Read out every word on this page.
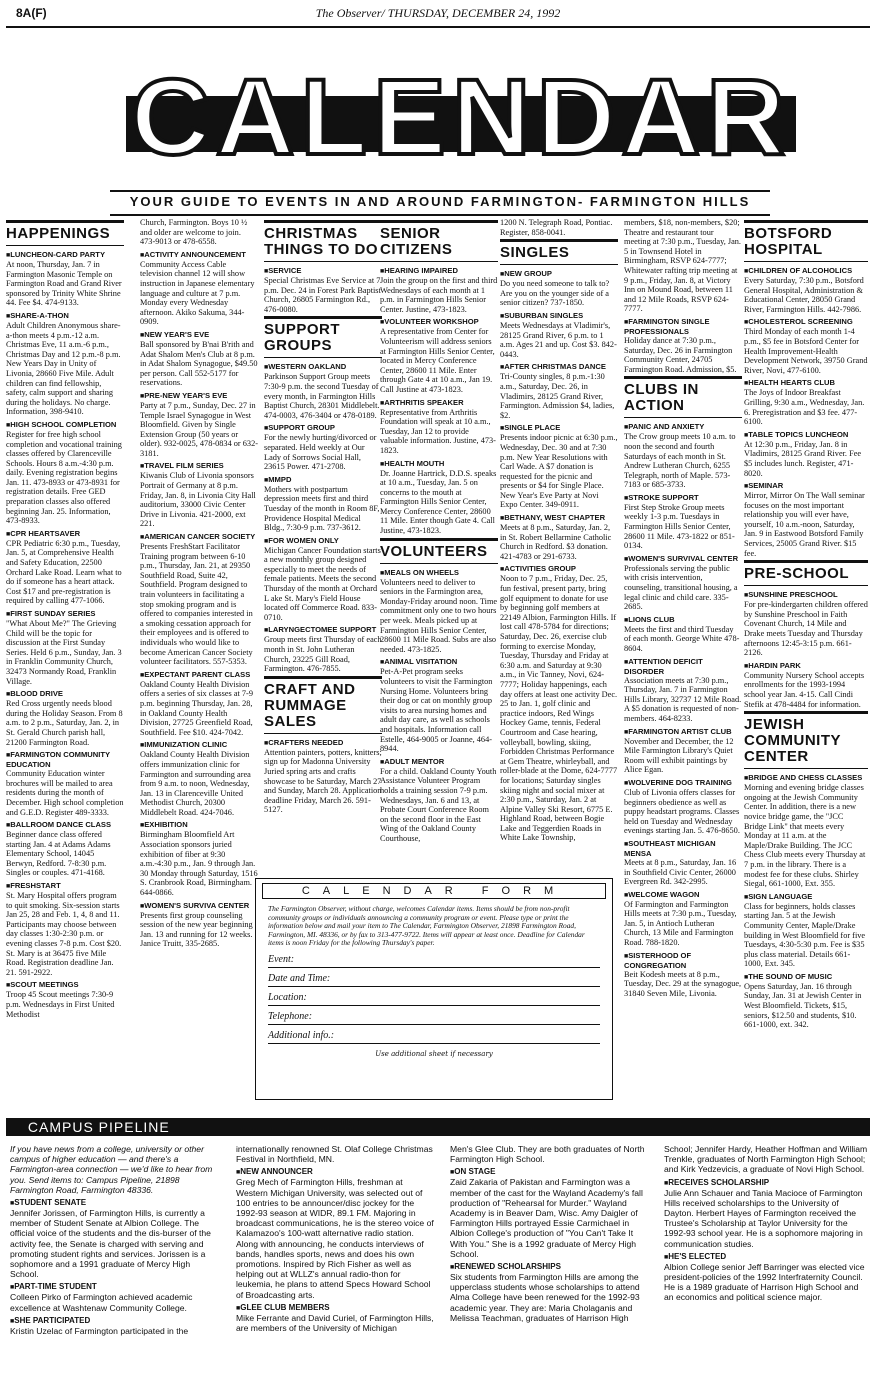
8A(F)	The Observer/ THURSDAY, DECEMBER 24, 1992
CALENDAR
YOUR GUIDE TO EVENTS IN AND AROUND FARMINGTON- FARMINGTON HILLS
HAPPENINGS
■ LUNCHEON-CARD PARTY
At noon, Thursday, Jan. 7 in Farmington Masonic Temple on Farmington Road and Grand River sponsored by Trinity White Shrine 44. Fee $4. 474-9133.
■ SHARE-A-THON
Adult Children Anonymous share-a-thon meets 4 p.m.-12 a.m. Christmas Eve, 11 a.m.-6 p.m., Christmas Day and 12 p.m.-8 p.m. New Years Day in Unity of Livonia, 28660 Five Mile. Adult children can find fellowship, safety, calm support and sharing during the holidays. No charge. Information, 398-9410.
■ HIGH SCHOOL COMPLETION
Register for free high school completion and vocational training classes offered by Clarenceville Schools. Hours 8 a.m.-4:30 p.m. daily. Evening registration begins Jan. 11. 473-8933 or 473-8931 for registration details. Free GED preparation classes also offered beginning Jan. 25. Information, 473-8933.
■ CPR HEARTSAVER
CPR Pediatric 6:30 p.m., Tuesday, Jan. 5, at Comprehensive Health and Safety Education, 22500 Orchard Lake Road. Learn what to do if someone has a heart attack. Cost $17 and pre-registration is required by calling 477-1066.
■ FIRST SUNDAY SERIES
"What About Me?" The Grieving Child will be the topic for discussion at the First Sunday Series. Held 6 p.m., Sunday, Jan. 3 in Franklin Community Church, 32473 Normandy Road, Franklin Village.
■ BLOOD DRIVE
Red Cross urgently needs blood during the Holiday Season. From 8 a.m. to 2 p.m., Saturday, Jan. 2, in St. Gerald Church parish hall, 21200 Farmington Road.
■ FARMINGTON COMMUNITY EDUCATION
Community Education winter brochures will be mailed to area residents during the month of December. High school completion and G.E.D. Register 489-3333.
■ BALLROOM DANCE CLASS
Beginner dance class offered starting Jan. 4 at Adams Adams Elementary School, 14045 Berwyn, Redford. 7-8:30 p.m. Singles or couples. 471-4168.
■ FRESHSTART
St. Mary Hospital offers program to quit smoking. Six-session starts Jan 25, 28 and Feb. 1, 4, 8 and 11. Participants may choose between day classes 1:30-2:30 p.m. or evening classes 7-8 p.m. Cost $20. St. Mary is at 36475 five Mile Road. Registration deadline Jan. 21. 591-2922.
■ SCOUT MEETINGS
Troop 45 Scout meetings 7:30-9 p.m. Wednesdays in First United Methodist
Church, Farmington. Boys 10 ½ and older are welcome to join. 473-9013 or 478-6558.
■ ACTIVITY ANNOUNCEMENT
Community Access Cable television channel 12 will show instruction in Japanese elementary language and culture at 7 p.m. Monday every Wednesday afternoon. Akiko Sakuma, 344-0909.
■ NEW YEAR'S EVE
Ball sponsored by B'nai B'rith and Adat Shalom Men's Club at 8 p.m. in Adat Shalom Synagogue, $49.50 per person. Call 552-5177 for reservations.
■ PRE-NEW YEAR'S EVE
Party at 7 p.m., Sunday, Dec. 27 in Temple Israel Synagogue in West Bloomfield. Given by Single Extension Group (50 years or older). 932-0025, 478-0834 or 632-3181.
■ TRAVEL FILM SERIES
Kiwanis Club of Livonia sponsors Portrait of Germany at 8 p.m. Friday, Jan. 8, in Livonia City Hall auditorium, 33000 Civic Center Drive in Livonia. 421-2000, ext 221.
■ AMERICAN CANCER SOCIETY
Presents FreshStart Facilitator Training program between 6-10 p.m., Thursday, Jan. 21, at 29350 Southfield Road, Suite 42, Southfield. Program designed to train volunteers in facilitating a stop smoking program and is offered to companies interested in a smoking cessation approach for their employees and is offered to individuals who would like to become American Cancer Society volunteer facilitators. 557-5353.
■ EXPECTANT PARENT CLASS
Oakland County Health Division offers a series of six classes at 7-9 p.m. beginning Thursday, Jan. 28, in Oakland County Health Division, 27725 Greenfield Road, Southfield. Fee $10. 424-7042.
■ IMMUNIZATION CLINIC
Oakland County Health Division offers immunization clinic for Farmington and surrounding area from 9 a.m. to noon, Wednesday, Jan. 13 in Clarenceville United Methodist Church, 20300 Middlebelt Road. 424-7046.
■ EXHIBITION
Birmingham Bloomfield Art Association sponsors juried exhibition of fiber at 9:30 a.m.-4:30 p.m., Jan. 9 through Jan. 30 Monday through Saturday, 1516 S. Cranbrook Road, Birmingham. 644-0866.
■ WOMEN'S SURVIVA CENTER
Presents first group counseling session of the new year beginning Jan. 13 and running for 12 weeks. Janice Truitt, 335-2685.
CHRISTMAS THINGS TO DO
■ SERVICE
Special Christmas Eve Service at 7 p.m. Dec. 24 in Forest Park Baptist Church, 26805 Farmington Rd., 476-0080.
SUPPORT GROUPS
■ WESTERN OAKLAND
Parkinson Support Group meets 7:30-9 p.m. the second Tuesday of every month, in Farmington Hills Baptist Church, 28301 Middlebelt. 474-0003, 476-3404 or 478-0189.
■ SUPPORT GROUP
For the newly hurting/divorced or separated. Held weekly at Our Lady of Sorrows Social Hall, 23615 Power. 471-2708.
■ MMPD
Mothers with postpartum depression meets first and third Tuesday of the month in Room 8F, Providence Hospital Medical Bldg., 7:30-9 p.m. 737-3612.
■ FOR WOMEN ONLY
Michigan Cancer Foundation starts a new monthly group designed especially to meet the needs of female patients. Meets the second Thursday of the month at Orchard L ake St. Mary's Field House located off Commerce Road. 833-0710.
■ LARYNGECTOMEE SUPPORT
Group meets first Thursday of each month in St. John Lutheran Church, 23225 Gill Road, Farmington. 476-7855.
CRAFT AND RUMMAGE SALES
■ CRAFTERS NEEDED
Attention painters, potters, knitters; sign up for Madonna University Juried spring arts and crafts showcase to be Saturday, March 27 and Sunday, March 28. Application deadline Friday, March 26. 591-5127.
SENIOR CITIZENS
■ HEARING IMPAIRED
Join the group on the first and third Wednesdays of each month at 1 p.m. in Farmington Hills Senior Center. Justine, 473-1823.
■ VOLUNTEER WORKSHOP
A representative from Center for Volunteerism will address seniors at Farmington Hills Senior Center, located in Mercy Conference Center, 28600 11 Mile. Enter through Gate 4 at 10 a.m., Jan 19. Call Justine at 473-1823.
■ ARTHRITIS SPEAKER
Representative from Arthritis Foundation will speak at 10 a.m., Tuesday, Jan 12 to provide valuable information. Justine, 473-1823.
■ HEALTH MOUTH
Dr. Joanne Hartrick, D.D.S. speaks at 10 a.m., Tuesday, Jan. 5 on concerns to the mouth at Farmington Hills Senior Center, Mercy Conference Center, 28600 11 Mile. Enter though Gate 4. Call Justine, 473-1823.
VOLUNTEERS
■ MEALS ON WHEELS
Volunteers need to deliver to seniors in the Farmington area, Monday-Friday around noon. Time commitment only one to two hours per week. Meals picked up at Farmington Hills Senior Center, 28600 11 Mile Road. Subs are also needed. 473-1825.
■ ANIMAL VISITATION
Pet-A-Pet program seeks volunteers to visit the Farmington Nursing Home. Volunteers bring their dog or cat on monthly group visits to area nursing homes and adult day care, as well as schools and hospitals. Information call Estelle, 464-9005 or Joanne, 464-8944.
■ ADULT MENTOR
For a child. Oakland County Youth Assistance Volunteer Program holds a training session 7-9 p.m. Wednesdays, Jan. 6 and 13, at Probate Court Conference Room on the second floor in the East Wing of the Oakland County Courthouse,
1200 N. Telegraph Road, Pontiac. Register, 858-0041.
SINGLES
■ NEW GROUP
Do you need someone to talk to? Are you on the younger side of a senior citizen? 737-1850.
■ SUBURBAN SINGLES
Meets Wednesdays at Vladimir's, 28125 Grand River, 6 p.m. to 1 a.m. Ages 21 and up. Cost $3. 842-0443.
■ AFTER CHRISTMAS DANCE
Tri-County singles, 8 p.m.-1:30 a.m., Saturday, Dec. 26, in Vladimirs, 28125 Grand River, Farmington. Admission $4, ladies, $2.
■ SINGLE PLACE
Presents indoor picnic at 6:30 p.m., Wednesday, Dec. 30 and at 7:30 p.m. New Year Resolutions with Carl Wade. A $7 donation is requested for the picnic and presents or $4 for Single Place. New Year's Eve Party at Novi Expo Center. 349-0911.
■ BETHANY, WEST CHAPTER
Meets at 8 p.m., Saturday, Jan. 2, in St. Robert Bellarmine Catholic Church in Redford. $3 donation. 421-4783 or 291-6733.
■ ACTIVITIES GROUP
Noon to 7 p.m., Friday, Dec. 25, fun festival, present party, bring golf equipment to donate for use by beginning golf members at 22149 Albion, Farmington Hills. If lost call 478-5784 for directions; Saturday, Dec. 26, exercise club forming to exercise Monday, Tuesday, Thursday and Friday at 6:30 a.m. and Saturday at 9:30 a.m., in Vic Tanney, Novi, 624-7777; Holiday happenings, each day offers at least one activity Dec. 25 to Jan. 1, golf clinic and practice indoors, Red Wings Hockey Game, tennis, Federal Courtroom and Case hearing, volleyball, bowling, skiing, Forbidden Christmas Performance at Gem Theatre, whirleyball, and roller-blade at the Dome, 624-7777 for locations; Saturday singles skiing night and social mixer at 2:30 p.m., Saturday, Jan. 2 at Alpine Valley Ski Resort, 6775 E. Highland Road, between Bogie Lake and Teggerdien Roads in White Lake Township,
members, $18, non-members, $20; Theatre and restaurant tour meeting at 7:30 p.m., Tuesday, Jan. 5 in Townsend Hotel in Birmingham, RSVP 624-7777; Whitewater rafting trip meeting at 9 p.m., Friday, Jan. 8, at Victory Inn on Mound Road, between 11 and 12 Mile Roads, RSVP 624-7777.
■ FARMINGTON SINGLE PROFESSIONALS
Holiday dance at 7:30 p.m., Saturday, Dec. 26 in Farmington Community Center, 24705 Farmington Road. Admission, $5.
CLUBS IN ACTION
■ PANIC AND ANXIETY
The Crow group meets 10 a.m. to noon the second and fourth Saturdays of each month in St. Andrew Lutheran Church, 6255 Telegraph, north of Maple. 573-7183 or 685-3733.
■ STROKE SUPPORT
First Step Stroke Group meets weekly 1-3 p.m. Tuesdays in Farmington Hills Senior Center, 28600 11 Mile. 473-1822 or 851-0134.
■ WOMEN'S SURVIVAL CENTER
Professionals serving the public with crisis intervention, counseling, transitional housing, a legal clinic and child care. 335-2685.
■ LIONS CLUB
Meets the first and third Tuesday of each month. George White 478-8604.
■ ATTENTION DEFICIT DISORDER
Association meets at 7:30 p.m., Thursday, Jan. 7 in Farmington Hills Library, 32737 12 Mile Road. A $5 donation is requested of non-members. 464-8233.
■ FARMINGTON ARTIST CLUB
November and December, the 12 Mile Farmington Library's Quiet Room will exhibit paintings by Alice Egan.
■ WOLVERINE DOG TRAINING
Club of Livonia offers classes for beginners obedience as well as puppy headstart programs. Classes held on Tuesday and Wednesday evenings starting Jan. 5. 476-8650.
■ SOUTHEAST MICHIGAN MENSA
Meets at 8 p.m., Saturday, Jan. 16 in Southfield Civic Center, 26000 Evergreen Rd. 342-2995.
■ WELCOME WAGON
Of Farmington and Farmington Hills meets at 7:30 p.m., Tuesday, Jan. 5, in Antioch Lutheran Church, 13 Mile and Farmington Road. 788-1820.
■ SISTERHOOD OF CONGREGATION
Beit Kodesh meets at 8 p.m., Tuesday, Dec. 29 at the synagogue, 31840 Seven Mile, Livonia.
BOTSFORD HOSPITAL
■ CHILDREN OF ALCOHOLICS
Every Saturday, 7:30 p.m., Botsford General Hospital, Administration & Educational Center, 28050 Grand River, Farmington Hills. 442-7986.
■ CHOLESTEROL SCREENING
Third Monday of each month 1-4 p.m., $5 fee in Botsford Center for Health Improvement-Health Development Network, 39750 Grand River, Novi, 477-6100.
■ HEALTH HEARTS CLUB
The Joys of Indoor Breakfast Grilling, 9:30 a.m., Wednesday, Jan. 6. Preregistration and $3 fee. 477-6100.
■ TABLE TOPICS LUNCHEON
At 12:30 p.m., Friday, Jan. 8 in Vladimirs, 28125 Grand River. Fee $5 includes lunch. Register, 471-8020.
■ SEMINAR
Mirror, Mirror On The Wall seminar focuses on the most important relationship you will ever have, yourself, 10 a.m.-noon, Saturday, Jan. 9 in Eastwood Botsford Family Services, 25005 Grand River. $15 fee.
PRE-SCHOOL
■ SUNSHINE PRESCHOOL
For pre-kindergarten children offered by Sunshine Preschool in Faith Covenant Church, 14 Mile and Drake meets Tuesday and Thursday afternoons 12:45-3:15 p.m. 661-2126.
■ HARDIN PARK
Community Nursery School accepts enrollments for the 1993-1994 school year Jan. 4-15. Call Cindi Stefik at 478-4484 for information.
JEWISH COMMUNITY CENTER
■ BRIDGE AND CHESS CLASSES
Morning and evening bridge classes ongoing at the Jewish Community Center. In addition, there is a new novice bridge game, the "JCC Bridge Link" that meets every Monday at 11 a.m. at the Maple/Drake Building. The JCC Chess Club meets every Thursday at 7 p.m. in the library. There is a modest fee for these clubs. Shirley Siegal, 661-1000, Ext. 355.
■ SIGN LANGUAGE
Class for beginners, holds classes starting Jan. 5 at the Jewish Community Center, Maple/Drake building in West Bloomfield for five Tuesdays, 4:30-5:30 p.m. Fee is $35 plus class material. Details 661-1000, Ext. 345.
■ THE SOUND OF MUSIC
Opens Saturday, Jan. 16 through Sunday, Jan. 31 at Jewish Center in West Bloomfield. Tickets, $15, seniors, $12.50 and students, $10. 661-1000, ext. 342.
CALENDAR FORM
The Farmington Observer, without charge, welcomes Calendar items. Items should be from non-profit community groups or individuals announcing a community program or event. Please type or print the information below and mail your item to The Calendar, Farmington Observer, 21898 Farmington Road, Farmington, MI. 48336, or by fax to 313-477-9722. Items will appear at least once. Deadline for Calendar items is noon Friday for the following Thursday's paper.
Event:
Date and Time:
Location:
Telephone:
Additional info.:
Use additional sheet if necessary
CAMPUS PIPELINE
If you have news from a college, university or other campus of higher education — and there's a Farmington-area connection — we'd like to hear from you. Send items to: Campus Pipeline, 21898 Farmington Road, Farmington 48336.
■ STUDENT SENATE
Jennifer Jorissen, of Farmington Hills, is currently a member of Student Senate at Albion College. The official voice of the students and the dis-burser of the activity fee, the Senate is charged with serving and promoting student rights and services. Jorissen is a sophomore and a 1991 graduate of Mercy High School.
■ PART-TIME STUDENT
Colleen Pirko of Farmington achieved academic excellence at Washtenaw Community College.
■ SHE PARTICIPATED
Kristin Uzelac of Farmington participated in the
internationally renowned St. Olaf College Christmas Festival in Northfield, MN.
■ NEW ANNOUNCER
Greg Mech of Farmington Hills, freshman at Western Michigan University, was selected out of 100 entries to be announcer/disc jockey for the 1992-93 season at WIDR, 89.1 FM. Majoring in broadcast communications, he is the stereo voice of Kalamazoo's 100-watt alternative radio station. Along with announcing, he conducts interviews of bands, handles sports, news and does his own promotions. Inspired by Rich Fisher as well as helping out at WLLZ's annual radio-thon for leukemia, he plans to attend Specs Howard School of Broadcasting arts.
■ GLEE CLUB MEMBERS
Mike Ferrante and David Curiel, of Farmington Hills, are members of the University of Michigan
Men's Glee Club. They are both graduates of North Farmington High School.
■ ON STAGE
Zaid Zakaria of Pakistan and Farmington was a member of the cast for the Wayland Academy's fall production of "Rehearsal for Murder." Wayland Academy is in Beaver Dam, Wisc. Amy Daigler of Farmington Hills portrayed Essie Carmichael in Albion College's production of "You Can't Take It With You." She is a 1992 graduate of Mercy High School.
■ RENEWED SCHOLARSHIPS
Six students from Farmington Hills are among the upperclass students whose scholarships to attend Alma College have been renewed for the 1992-93 academic year. They are: Maria Cholaganis and Melissa Teachman, graduates of Harrison High
School; Jennifer Hardy, Heather Hoffman and William Trenkle, graduates of North Farmington High School; and Kirk Yedzevicis, a graduate of Novi High School.
■ RECEIVES SCHOLARSHIP
Julie Ann Schauer and Tania Macioce of Farmington Hills received scholarships to the University of Dayton. Herbert Hayes of Farmington received the Trustee's Scholarship at Taylor University for the 1992-93 school year. He is a sophomore majoring in communication studies.
■ HE'S ELECTED
Albion College senior Jeff Barringer was elected vice president-policies of the 1992 Interfraternity Council. He is a 1989 graduate of Harrison High School and an economics and political science major.
